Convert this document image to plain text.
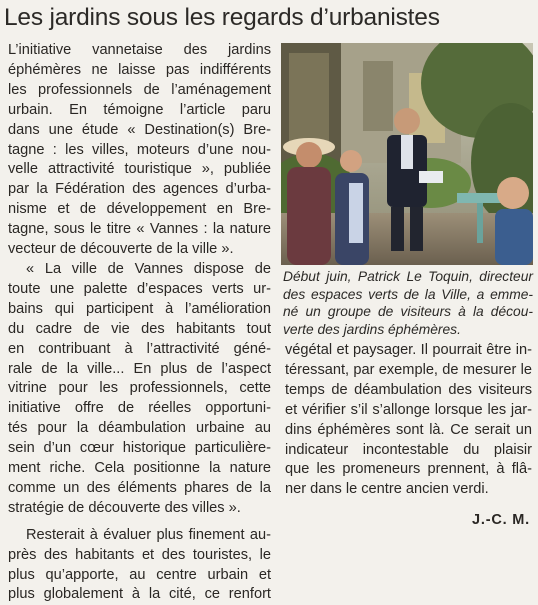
Les jardins sous les regards d’urbanistes
L’initiative vannetaise des jardins
éphémères ne laisse pas indifférents
les professionnels de l’aménagement
urbain. En témoigne l’article paru
dans une étude « Destination(s) Bre-
tagne : les villes, moteurs d’une nou-
velle attractivité touristique », publiée
par la Fédération des agences d’urba-
nisme et de développement en Bre-
tagne, sous le titre « Vannes : la nature
vecteur de découverte de la ville ».
« La ville de Vannes dispose de
toute une palette d’espaces verts ur-
bains qui participent à l’amélioration
du cadre de vie des habitants tout
en contribuant à l’attractivité géné-
rale de la ville... En plus de l’aspect
vitrine pour les professionnels, cette
initiative offre de réelles opportuni-
tés pour la déambulation urbaine au
sein d’un cœur historique particulière-
ment riche. Cela positionne la nature
comme un des éléments phares de la
stratégie de découverte des villes ».
Resterait à évaluer plus finement au-
près des habitants et des touristes, le
plus qu’apporte, au centre urbain et
plus globalement à la cité, ce renfort
Début juin, Patrick Le Toquin, directeur
des espaces verts de la Ville, a emme-
né un groupe de visiteurs à la décou-
verte des jardins éphémères.
végétal et paysager. Il pourrait être in-
téressant, par exemple, de mesurer le
temps de déambulation des visiteurs
et vérifier s’il s’allonge lorsque les jar-
dins éphémères sont là. Ce serait un
indicateur incontestable du plaisir
que les promeneurs prennent, à flâ-
ner dans le centre ancien verdi.
J.-C. M.
